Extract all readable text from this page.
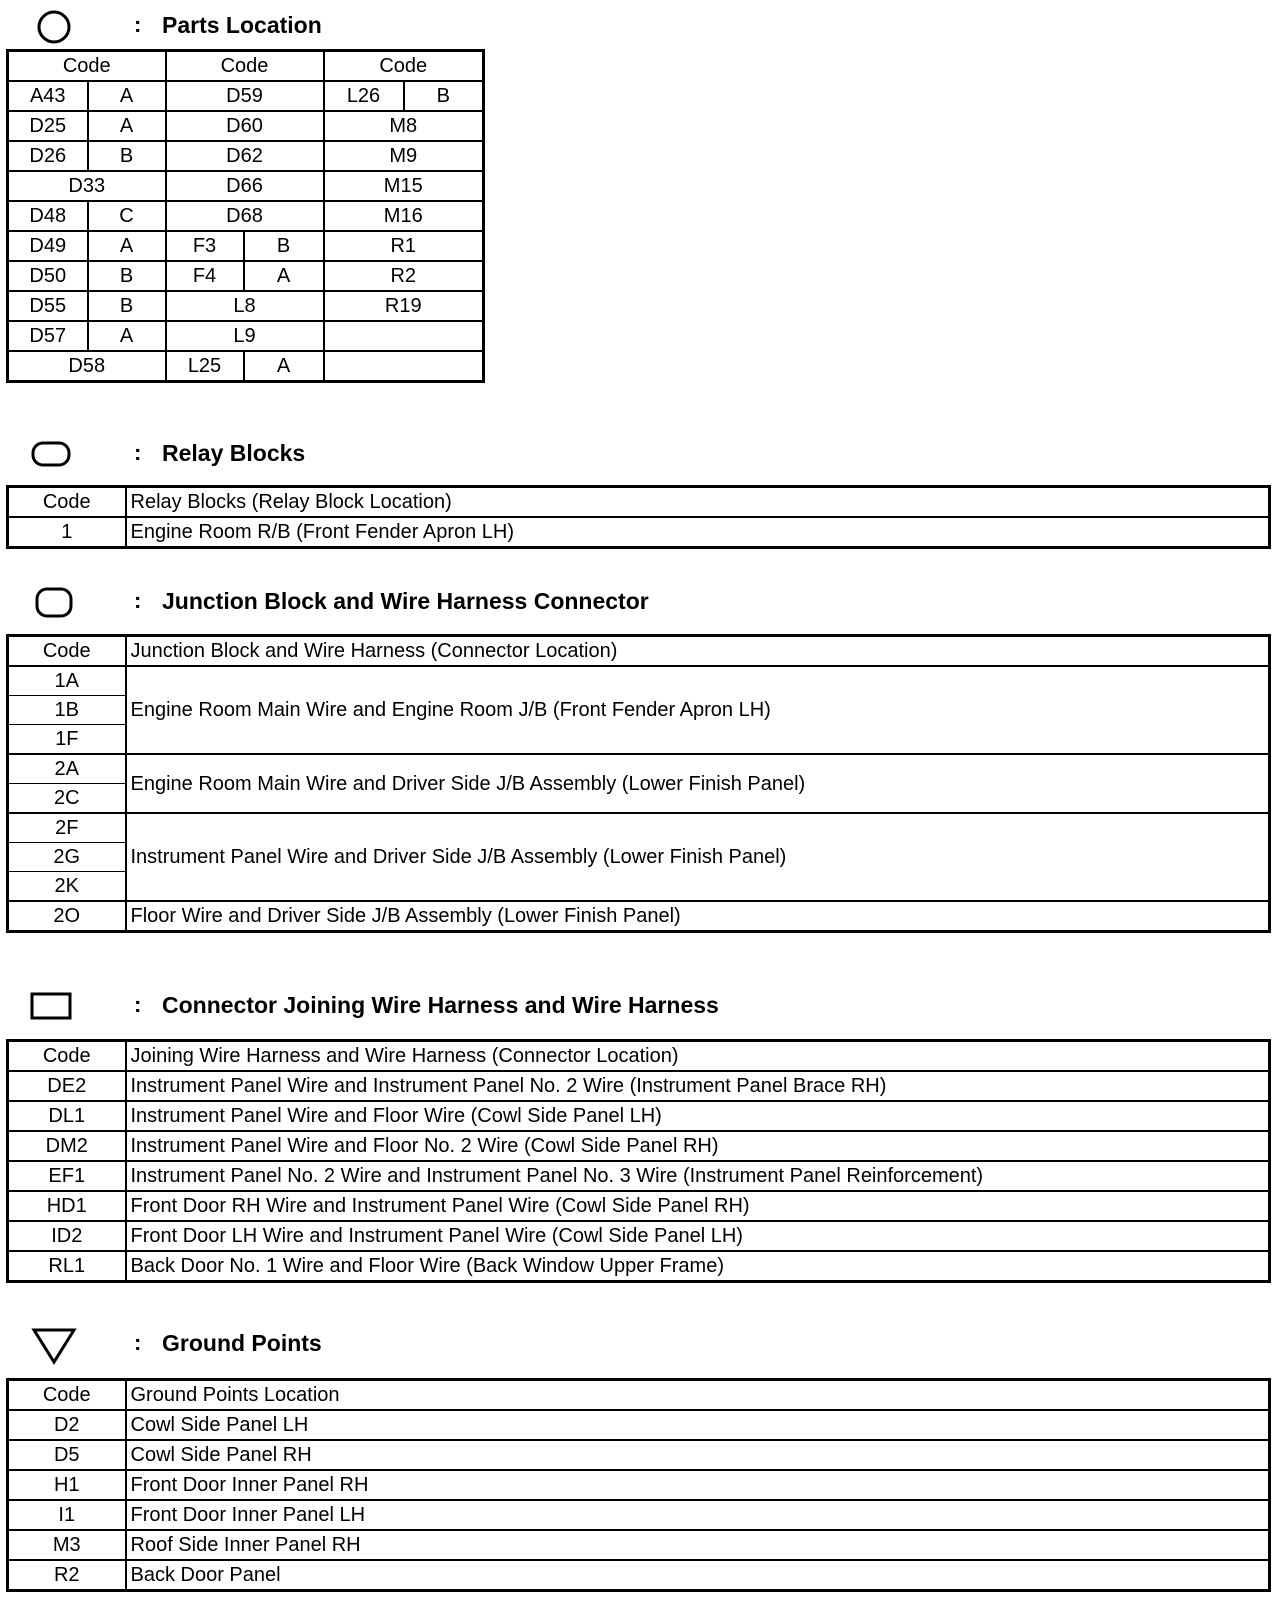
: Parts Location
Code		Code		Code	
A43	A	D59		L26	B
D25	A	D60		M8	
D26	B	D62		M9	
D33		D66		M15	
D48	C	D68		M16	
D49	A	F3	B	R1	
D50	B	F4	A	R2	
D55	B	L8		R19	
D57	A	L9			
D58		L25	A		
: Relay Blocks
Code	Relay Blocks (Relay Block Location)
1	Engine Room R/B (Front Fender Apron LH)
: Junction Block and Wire Harness Connector
Code	Junction Block and Wire Harness (Connector Location)
1A	Engine Room Main Wire and Engine Room J/B (Front Fender Apron LH)
1B	
1F	
2A	Engine Room Main Wire and Driver Side J/B Assembly (Lower Finish Panel)
2C	
2F	Instrument Panel Wire and Driver Side J/B Assembly (Lower Finish Panel)
2G	
2K	
2O	Floor Wire and Driver Side J/B Assembly (Lower Finish Panel)
: Connector Joining Wire Harness and Wire Harness
Code	Joining Wire Harness and Wire Harness (Connector Location)
DE2	Instrument Panel Wire and Instrument Panel No. 2 Wire (Instrument Panel Brace RH)
DL1	Instrument Panel Wire and Floor Wire (Cowl Side Panel LH)
DM2	Instrument Panel Wire and Floor No. 2 Wire (Cowl Side Panel RH)
EF1	Instrument Panel No. 2 Wire and Instrument Panel No. 3 Wire (Instrument Panel Reinforcement)
HD1	Front Door RH Wire and Instrument Panel Wire (Cowl Side Panel RH)
ID2	Front Door LH Wire and Instrument Panel Wire (Cowl Side Panel LH)
RL1	Back Door No. 1 Wire and Floor Wire (Back Window Upper Frame)
: Ground Points
Code	Ground Points Location
D2	Cowl Side Panel LH
D5	Cowl Side Panel RH
H1	Front Door Inner Panel RH
I1	Front Door Inner Panel LH
M3	Roof Side Inner Panel RH
R2	Back Door Panel
